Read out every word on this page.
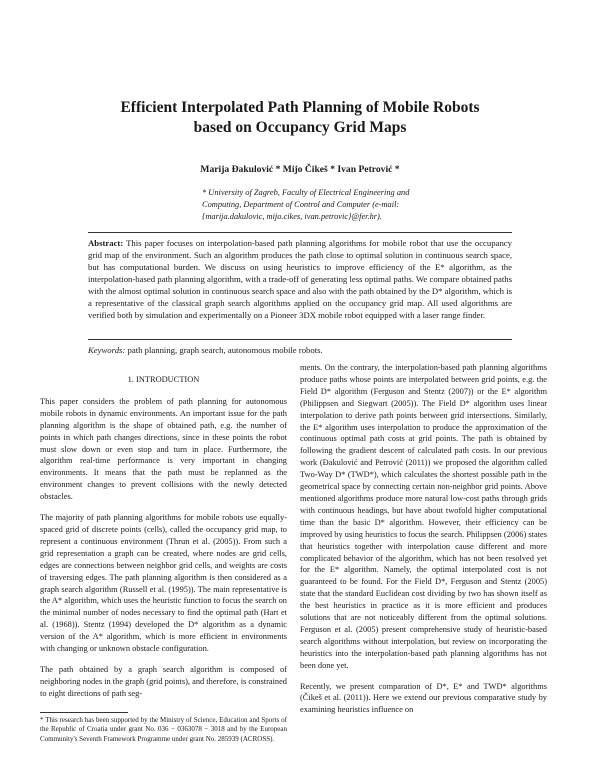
Efficient Interpolated Path Planning of Mobile Robots based on Occupancy Grid Maps
Marija Đakulović * Mijo Čikeš * Ivan Petrović *

* University of Zagreb, Faculty of Electrical Engineering and Computing, Department of Control and Computer (e-mail: {marija.dakulovic, mijo.cikes, ivan.petrovic}@fer.hr).

Abstract: This paper focuses on interpolation-based path planning algorithms for mobile robot that use the occupancy grid map of the environment. Such an algorithm produces the path close to optimal solution in continuous search space, but has computational burden. We discuss on using heuristics to improve efficiency of the E* algorithm, as the interpolation-based path planning algorithm, with a trade-off of generating less optimal paths. We compare obtained paths with the almost optimal solution in continuous search space and also with the path obtained by the D* algorithm, which is a representative of the classical graph search algorithms applied on the occupancy grid map. All used algorithms are verified both by simulation and experimentally on a Pioneer 3DX mobile robot equipped with a laser range finder.

Keywords: path planning, graph search, autonomous mobile robots.

1. INTRODUCTION

This paper considers the problem of path planning for autonomous mobile robots in dynamic environments. An important issue for the path planning algorithm is the shape of obtained path, e.g. the number of points in which path changes directions, since in these points the robot must slow down or even stop and turn in place. Furthermore, the algorithm real-time performance is very important in changing environments. It means that the path must be replanned as the environment changes to prevent collisions with the newly detected obstacles.

The majority of path planning algorithms for mobile robots use equally-spaced grid of discrete points (cells), called the occupancy grid map, to represent a continuous environment (Thrun et al. (2005)). From such a grid representation a graph can be created, where nodes are grid cells, edges are connections between neighbor grid cells, and weights are costs of traversing edges. The path planning algorithm is then considered as a graph search algorithm (Russell et al. (1995)). The main representative is the A* algorithm, which uses the heuristic function to focus the search on the minimal number of nodes necessary to find the optimal path (Hart et al. (1968)). Stentz (1994) developed the D* algorithm as a dynamic version of the A* algorithm, which is more efficient in environments with changing or unknown obstacle configuration.

The path obtained by a graph search algorithm is composed of neighboring nodes in the graph (grid points), and therefore, is constrained to eight directions of path seg-

ments. On the contrary, the interpolation-based path planning algorithms produce paths whose points are interpolated between grid points, e.g. the Field D* algorithm (Ferguson and Stentz (2007)) or the E* algorithm (Philippsen and Siegwart (2005)). The Field D* algorithm uses linear interpolation to derive path points between grid intersections. Similarly, the E* algorithm uses interpolation to produce the approximation of the continuous optimal path costs at grid points. The path is obtained by following the gradient descent of calculated path costs. In our previous work (Đakulović and Petrović (2011)) we proposed the algorithm called Two-Way D* (TWD*), which calculates the shortest possible path in the geometrical space by connecting certain non-neighbor grid points. Above mentioned algorithms produce more natural low-cost paths through grids with continuous headings, but have about twofold higher computational time than the basic D* algorithm. However, their efficiency can be improved by using heuristics to focus the search. Philippsen (2006) states that heuristics together with interpolation cause different and more complicated behavior of the algorithm, which has not been resolved yet for the E* algorithm. Namely, the optimal interpolated cost is not guaranteed to be found. For the Field D*, Ferguson and Stentz (2005) state that the standard Euclidean cost dividing by two has shown itself as the best heuristics in practice as it is more efficient and produces solutions that are not noticeably different from the optimal solutions. Ferguson et al. (2005) present comprehensive study of heuristic-based search algorithms without interpolation, but review on incorporating the heuristics into the interpolation-based path planning algorithms has not been done yet.

Recently, we present comparation of D*, E* and TWD* algorithms (Čikeš et al. (2011)). Here we extend our previous comparative study by examining heuristics influence on

* This research has been supported by the Ministry of Science, Education and Sports of the Republic of Croatia under grant No. 036 − 0363078 − 3018 and by the European Community's Seventh Framework Programme under grant No. 285939 (ACROSS).
